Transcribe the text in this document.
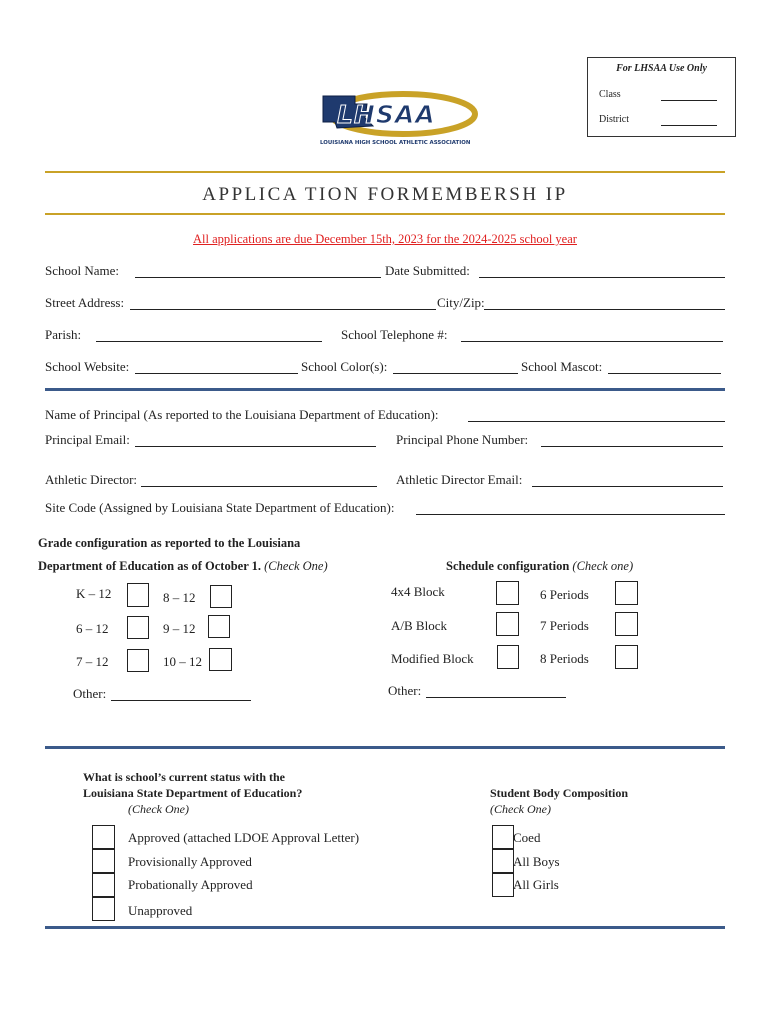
For LHSAA Use Only
Class
District
LHSAA
LOUISIANA HIGH SCHOOL ATHLETIC ASSOCIATION
APPLICA TION FORMEMBERSH IP
All applications are due December 15th, 2023 for the 2024-2025 school year
School Name:	Date Submitted:
Street Address:	City/Zip:
Parish:	School Telephone #:
School Website:	School Color(s):	School Mascot:
Name of Principal (As reported to the Louisiana Department of Education):
Principal Email:	Principal Phone Number:
Athletic Director:	Athletic Director Email:
Site Code (Assigned by Louisiana State Department of Education):
Grade configuration as reported to the Louisiana
Department of Education as of October 1. (Check One)
K – 12	8 – 12
6 – 12	9 – 12
7 – 12	10 – 12
Other:
Schedule configuration (Check one)
4x4 Block	6 Periods
A/B Block	7 Periods
Modified Block	8 Periods
Other:
What is school’s current status with the
Louisiana State Department of Education?
(Check One)
Approved (attached LDOE Approval Letter)
Provisionally Approved
Probationally Approved
Unapproved
Student Body Composition
(Check One)
Coed
All Boys
All Girls
